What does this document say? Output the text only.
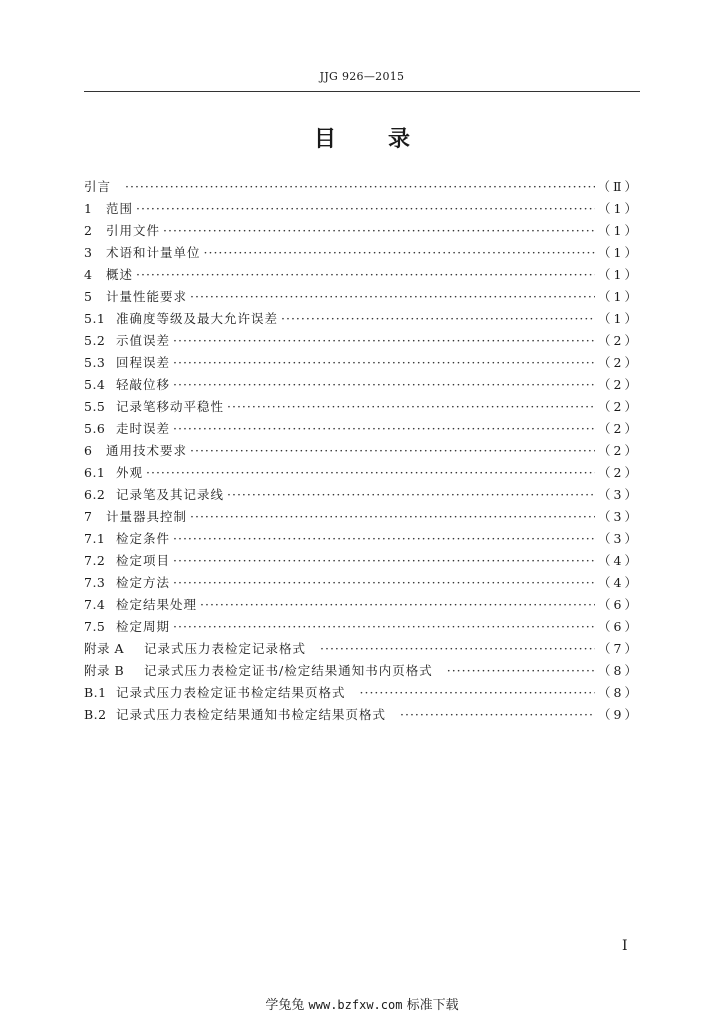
JJG 926—2015
目录
引言 ·····	（Ⅱ）
1	范围 ·····	（1）
2	引用文件 ·····	（1）
3	术语和计量单位 ·····	（1）
4	概述 ·····	（1）
5	计量性能要求 ·····	（1）
5.1 准确度等级及最大允许误差 ·····	（1）
5.2 示值误差 ·····	（2）
5.3 回程误差 ·····	（2）
5.4 轻敲位移 ·····	（2）
5.5 记录笔移动平稳性 ·····	（2）
5.6 走时误差 ·····	（2）
6	通用技术要求 ·····	（2）
6.1 外观 ·····	（2）
6.2 记录笔及其记录线 ·····	（3）
7	计量器具控制 ·····	（3）
7.1 检定条件 ·····	（3）
7.2 检定项目 ·····	（4）
7.3 检定方法 ·····	（4）
7.4 检定结果处理 ·····	（6）
7.5 检定周期 ·····	（6）
附录 A	记录式压力表检定记录格式 ·····	（7）
附录 B	记录式压力表检定证书/检定结果通知书内页格式 ·····	（8）
B.1 记录式压力表检定证书检定结果页格式 ·····	（8）
B.2 记录式压力表检定结果通知书检定结果页格式 ·····	（9）
I
学兔兔 www.bzfxw.com 标准下载
